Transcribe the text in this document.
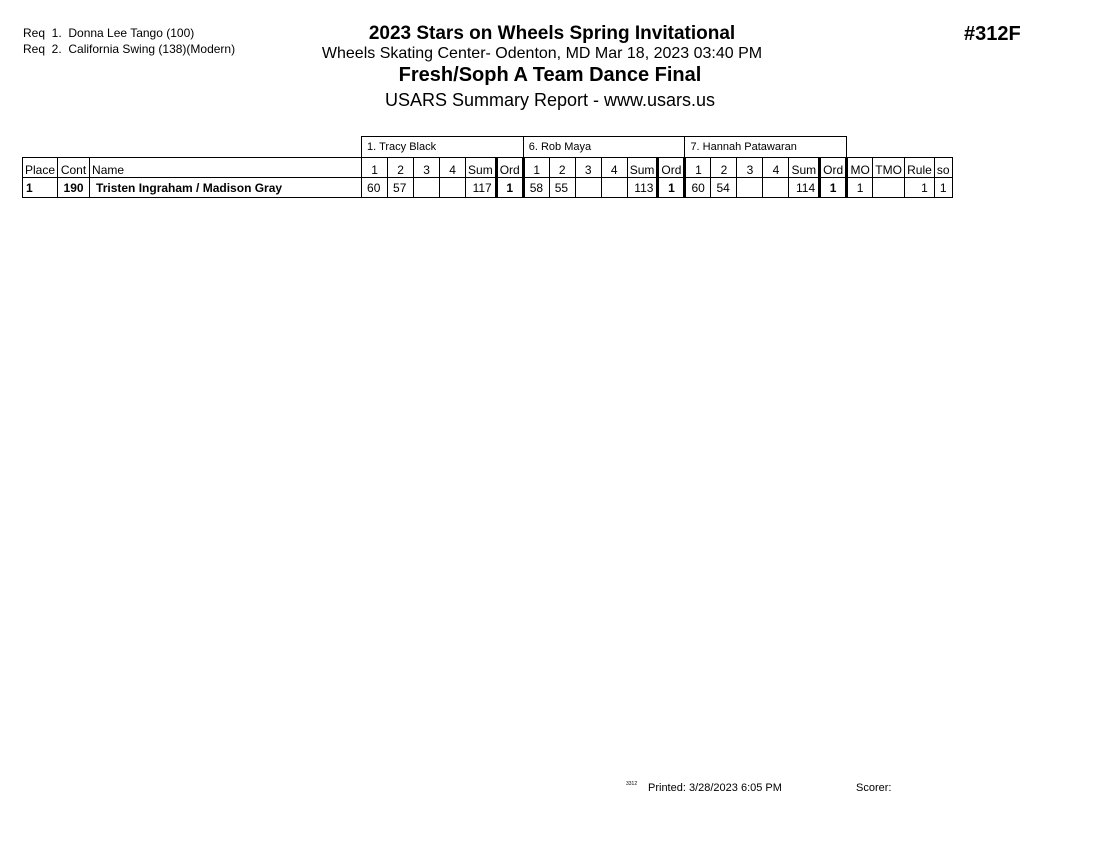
Req  1.  Donna Lee Tango (100)
Req  2.  California Swing (138)(Modern)
2023 Stars on Wheels Spring Invitational
Wheels Skating Center- Odenton, MD Mar 18, 2023 03:40 PM
Fresh/Soph A Team Dance Final
USARS Summary Report - www.usars.us
#312F
			1. Tracy Black						6. Rob Maya						7. Hannah Patawaran									
Place	Cont	Name	1	2	3	4	Sum	Ord	1	2	3	4	Sum	Ord	1	2	3	4	Sum	Ord	MO	TMO	Rule	so
1	190	Tristen Ingraham / Madison Gray	60	57			117	1	58	55			113	1	60	54			114	1	1		1	1
3312 Printed: 3/28/2023 6:05 PM	Scorer:
